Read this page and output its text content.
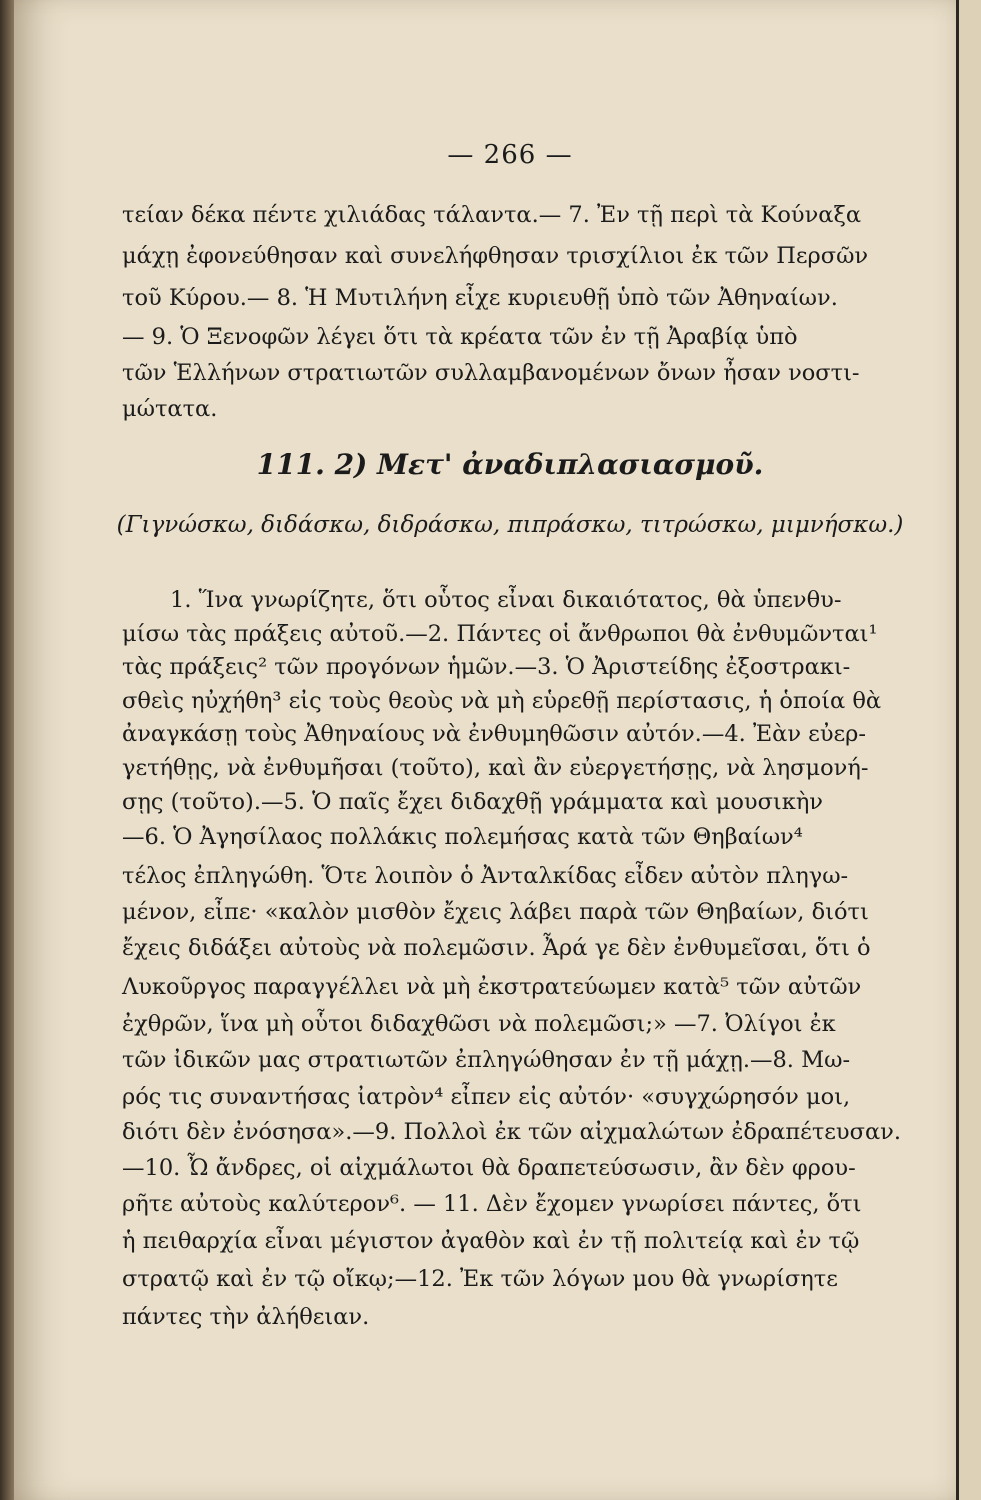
— 266 —
τείαν δέκα πέντε χιλιάδας τάλαντα.— 7. Ἐν τῇ περὶ τὰ Κούναξα
μάχῃ ἐφονεύθησαν καὶ συνελήφθησαν τρισχίλιοι ἐκ τῶν Περσῶν
τοῦ Κύρου.— 8. Ἡ Μυτιλήνη εἶχε κυριευθῇ ὑπὸ τῶν Ἀθηναίων.
— 9. Ὁ Ξενοφῶν λέγει ὅτι τὰ κρέατα τῶν ἐν τῇ Ἀραβίᾳ ὑπὸ
τῶν Ἑλλήνων στρατιωτῶν συλλαμβανομένων ὄνων ἦσαν νοστι-
μώτατα.
111. 2) Μετ' ἀναδιπλασιασμοῦ.
(Γιγνώσκω, διδάσκω, διδράσκω, πιπράσκω, τιτρώσκω, μιμνήσκω.)
1. Ἵνα γνωρίζητε, ὅτι οὗτος εἶναι δικαιότατος, θὰ ὑπενθυ-
μίσω τὰς πράξεις αὐτοῦ.—2. Πάντες οἱ ἄνθρωποι θὰ ἐνθυμῶνται¹
τὰς πράξεις² τῶν προγόνων ἡμῶν.—3. Ὁ Ἀριστείδης ἐξοστρακι-
σθεὶς ηὐχήθη³ εἰς τοὺς θεοὺς νὰ μὴ εὑρεθῇ περίστασις, ἡ ὁποία θὰ
ἀναγκάσῃ τοὺς Ἀθηναίους νὰ ἐνθυμηθῶσιν αὐτόν.—4. Ἐὰν εὐερ-
γετήθῃς, νὰ ἐνθυμῆσαι (τοῦτο), καὶ ἂν εὐεργετήσῃς, νὰ λησμονή-
σῃς (τοῦτο).—5. Ὁ παῖς ἔχει διδαχθῇ γράμματα καὶ μουσικὴν
—6. Ὁ Ἀγησίλαος πολλάκις πολεμήσας κατὰ τῶν Θηβαίων⁴
τέλος ἐπληγώθη. Ὅτε λοιπὸν ὁ Ἀνταλκίδας εἶδεν αὐτὸν πληγω-
μένον, εἶπε· «καλὸν μισθὸν ἔχεις λάβει παρὰ τῶν Θηβαίων, διότι
ἔχεις διδάξει αὐτοὺς νὰ πολεμῶσιν. Ἆρά γε δὲν ἐνθυμεῖσαι, ὅτι ὁ
Λυκοῦργος παραγγέλλει νὰ μὴ ἐκστρατεύωμεν κατὰ⁵ τῶν αὐτῶν
ἐχθρῶν, ἵνα μὴ οὗτοι διδαχθῶσι νὰ πολεμῶσι;» —7. Ὀλίγοι ἐκ
τῶν ἰδικῶν μας στρατιωτῶν ἐπληγώθησαν ἐν τῇ μάχῃ.—8. Μω-
ρός τις συναντήσας ἰατρὸν⁴ εἶπεν εἰς αὐτόν· «συγχώρησόν μοι,
διότι δὲν ἐνόσησα».—9. Πολλοὶ ἐκ τῶν αἰχμαλώτων ἐδραπέτευσαν.
—10. Ὦ ἄνδρες, οἱ αἰχμάλωτοι θὰ δραπετεύσωσιν, ἂν δὲν φρου-
ρῆτε αὐτοὺς καλύτερον⁶. — 11. Δὲν ἔχομεν γνωρίσει πάντες, ὅτι
ἡ πειθαρχία εἶναι μέγιστον ἀγαθὸν καὶ ἐν τῇ πολιτείᾳ καὶ ἐν τῷ
στρατῷ καὶ ἐν τῷ οἴκῳ;—12. Ἐκ τῶν λόγων μου θὰ γνωρίσητε
πάντες τὴν ἀλήθειαν.
